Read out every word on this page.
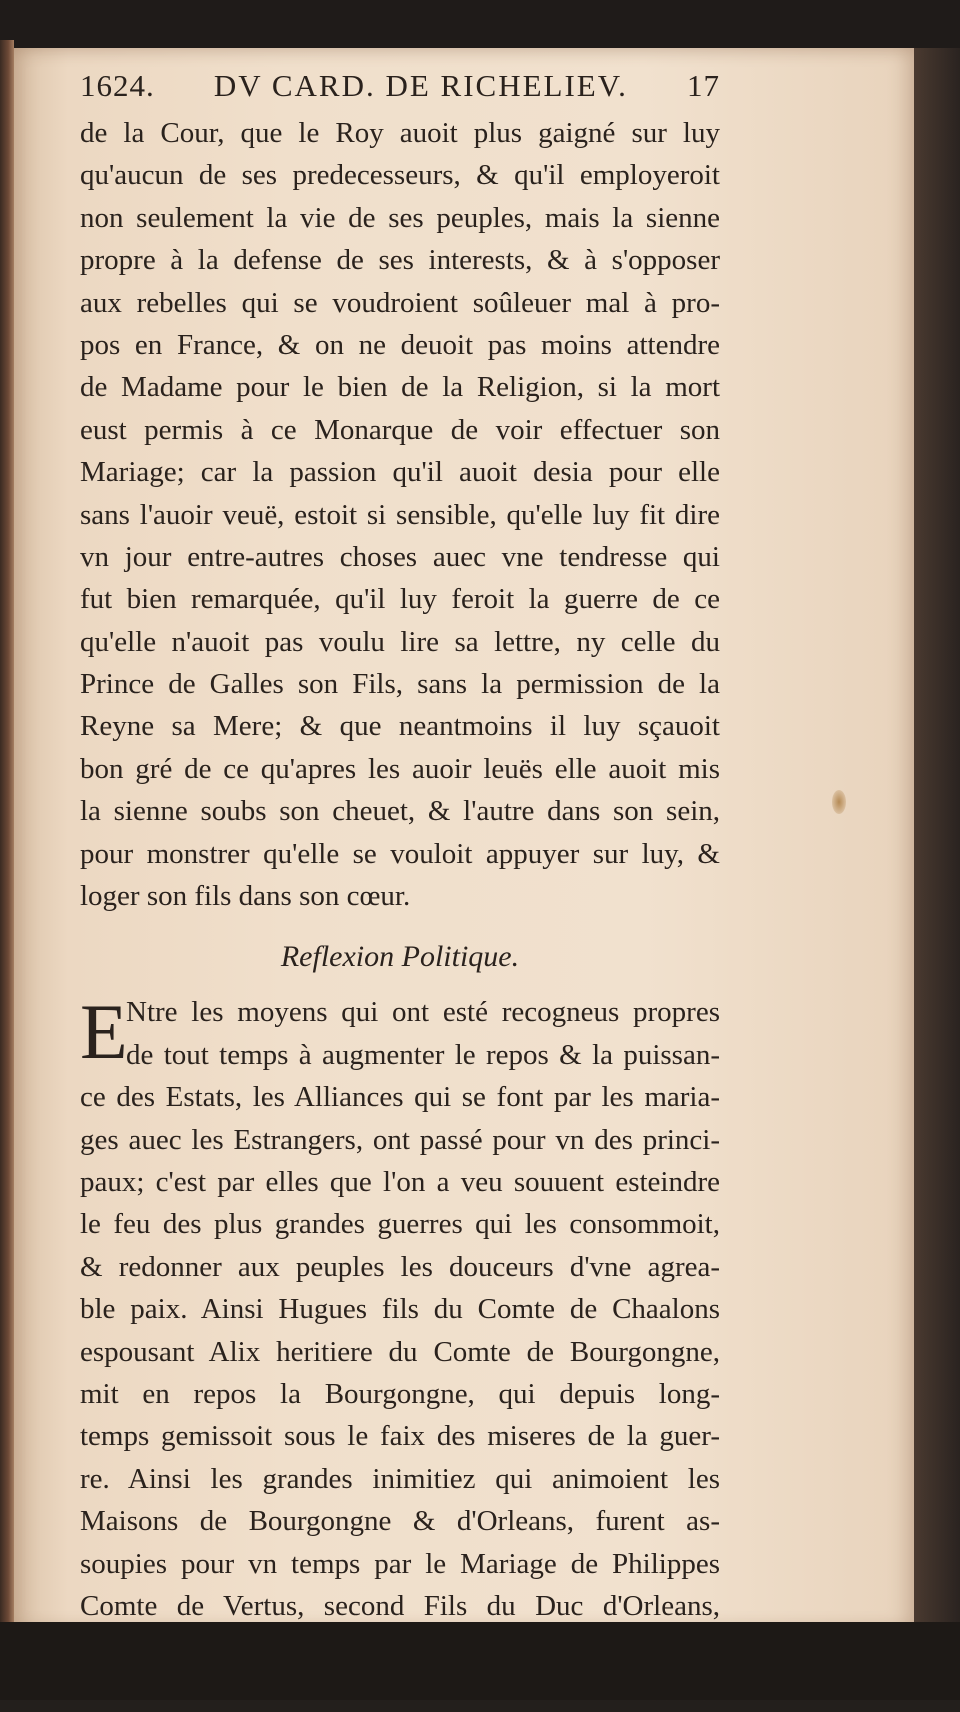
1624. DV CARD. DE RICHELIEV. 17
de la Cour, que le Roy auoit plus gaigné sur luy
qu'aucun de ses predecesseurs, & qu'il employeroit
non seulement la vie de ses peuples, mais la sienne
propre à la defense de ses interests, & à s'opposer
aux rebelles qui se voudroient soûleuer mal à pro-
pos en France, & on ne deuoit pas moins attendre
de Madame pour le bien de la Religion, si la mort
eust permis à ce Monarque de voir effectuer son
Mariage; car la passion qu'il auoit desia pour elle
sans l'auoir veuë, estoit si sensible, qu'elle luy fit dire
vn jour entre-autres choses auec vne tendresse qui
fut bien remarquée, qu'il luy feroit la guerre de ce
qu'elle n'auoit pas voulu lire sa lettre, ny celle du
Prince de Galles son Fils, sans la permission de la
Reyne sa Mere; & que neantmoins il luy sçauoit
bon gré de ce qu'apres les auoir leuës elle auoit mis
la sienne soubs son cheuet, & l'autre dans son sein,
pour monstrer qu'elle se vouloit appuyer sur luy, &
loger son fils dans son cœur.
Reflexion Politique.
E
Ntre les moyens qui ont esté recogneus propres
de tout temps à augmenter le repos & la puissan-
ce des Estats, les Alliances qui se font par les maria-
ges auec les Estrangers, ont passé pour vn des princi-
paux; c'est par elles que l'on a veu souuent esteindre
le feu des plus grandes guerres qui les consommoit,
& redonner aux peuples les douceurs d'vne agrea-
ble paix. Ainsi Hugues fils du Comte de Chaalons
espousant Alix heritiere du Comte de Bourgongne,
mit en repos la Bourgongne, qui depuis long-
temps gemissoit sous le faix des miseres de la guer-
re. Ainsi les grandes inimitiez qui animoient les
Maisons de Bourgongne & d'Orleans, furent as-
soupies pour vn temps par le Mariage de Philippes
Comte de Vertus, second Fils du Duc d'Orleans,
